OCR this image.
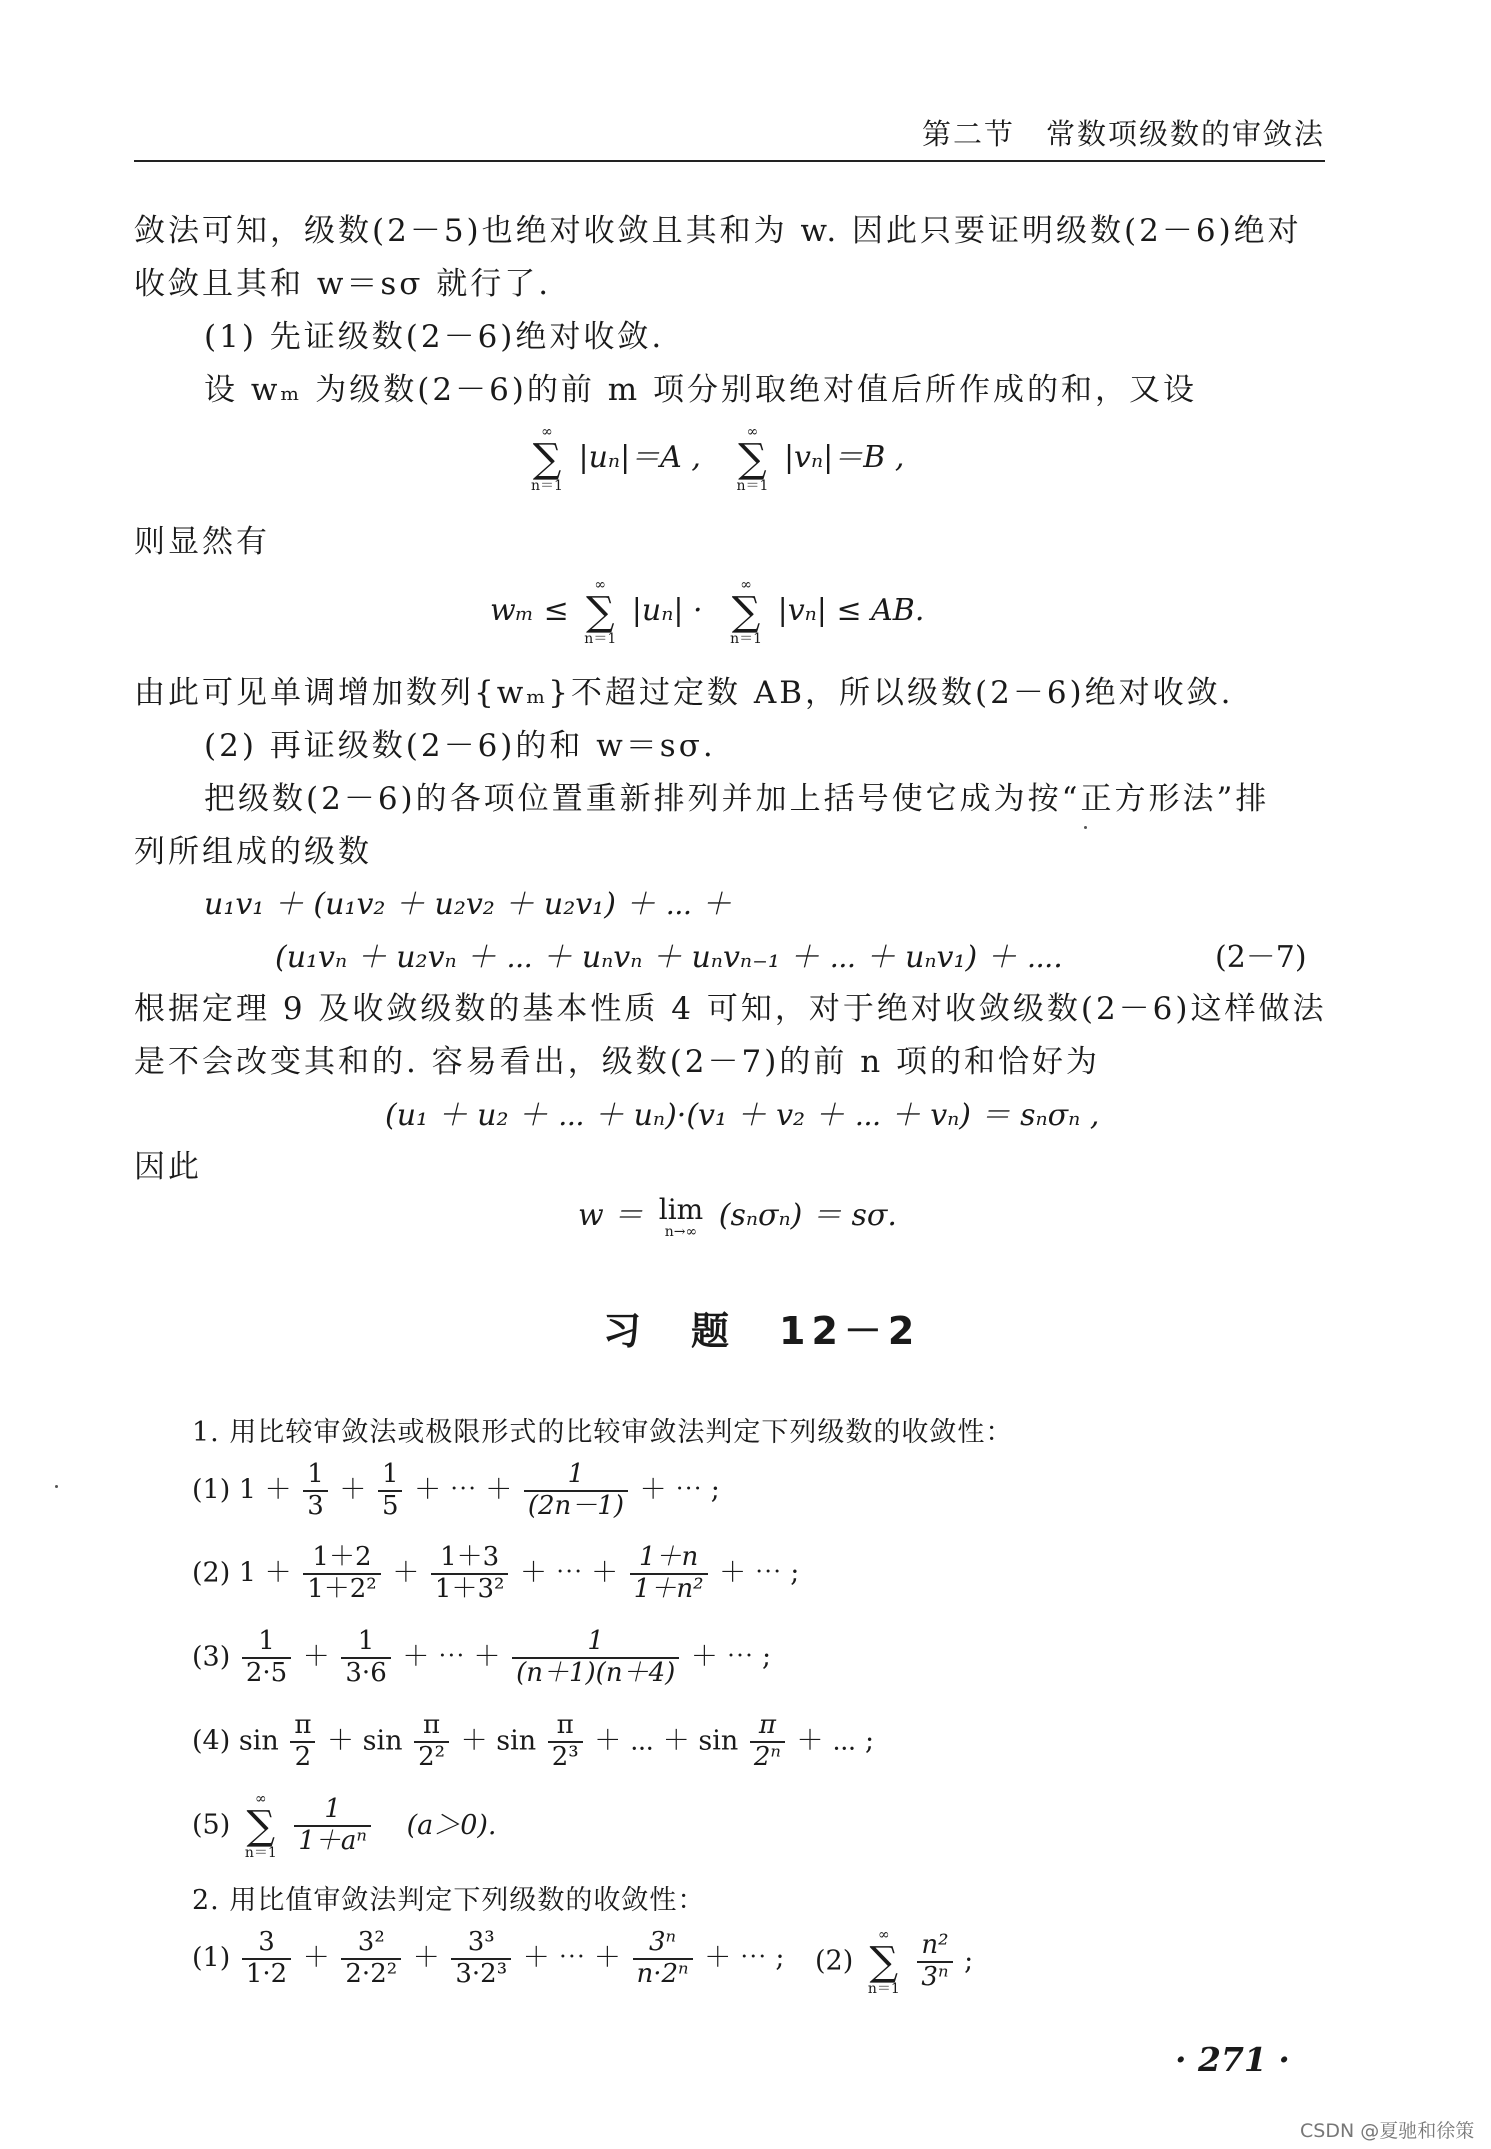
第二节　常数项级数的审敛法
敛法可知，级数(2－5)也绝对收敛且其和为 w. 因此只要证明级数(2－6)绝对
收敛且其和 w＝sσ 就行了.
(1) 先证级数(2－6)绝对收敛.
设 wₘ 为级数(2－6)的前 m 项分别取绝对值后所作成的和，又设
∞
∑
n＝1
|uₙ|＝A ,
∞
∑
n＝1
|vₙ|＝B ,
则显然有
wₘ ≤
∞
∑
n＝1
|uₙ| ·
∞
∑
n＝1
|vₙ| ≤ AB.
由此可见单调增加数列{wₘ}不超过定数 AB，所以级数(2－6)绝对收敛.
(2) 再证级数(2－6)的和 w＝sσ.
把级数(2－6)的各项位置重新排列并加上括号使它成为按“正方形法”排
列所组成的级数
u₁v₁ ＋ (u₁v₂ ＋ u₂v₂ ＋ u₂v₁) ＋ ⋯ ＋
(u₁vₙ ＋ u₂vₙ ＋ ⋯ ＋ uₙvₙ ＋ uₙvₙ₋₁ ＋ ⋯ ＋ uₙv₁) ＋ ⋯.	(2－7)
根据定理 9 及收敛级数的基本性质 4 可知，对于绝对收敛级数(2－6)这样做法
是不会改变其和的. 容易看出，级数(2－7)的前 n 项的和恰好为
(u₁ ＋ u₂ ＋ ⋯ ＋ uₙ)·(v₁ ＋ v₂ ＋ ⋯ ＋ vₙ) ＝ sₙσₙ ,
因此
w ＝ lim
n→∞ (sₙσₙ) ＝ sσ.
习　题　12－2
1. 用比较审敛法或极限形式的比较审敛法判定下列级数的收敛性：
(1) $1 + \frac{1}{3} + \frac{1}{5}$ ＋ ⋯ ＋ $\frac{1}{(2n-1)}$ ＋ ⋯ ;
(2) $1 + \frac{1+2}{\text{1＋2²}} + \frac{1+3}{\text{1＋3²}}$ ＋ ⋯ ＋ $\frac{1+n}{\text{1＋n²}}$ ＋ ⋯ ;
$(3) \frac{1}{2\cdot 5} + \frac{1}{3\cdot 6}$ ＋ ⋯ ＋ $\frac{1}{(n+1)(n+4)}$ ＋ ⋯ ;
(4) $\sin \frac{\pi}{2} + \sin \frac{\pi}{\text{2²}} + \sin \frac{\pi}{\text{2³}}$ ＋ ⋯ ＋ $\sin \frac{\pi}{\text{2ⁿ}}$ ＋ ⋯ ;
(5)
∞
∑
n＝1
$\frac{1}{\text{1＋aⁿ}} (a>0)$.
2. 用比值审敛法判定下列级数的收敛性：
$(1) \frac{3}{1\cdot 2} + \frac{\text{3²}}{\text{2·2²}} + \frac{\text{3³}}{\text{3·2³}}$ ＋ ⋯ ＋ $\frac{\text{3ⁿ}}{\text{n·2ⁿ}}$ ＋ ⋯ ; (2)
∞
∑
n＝1
$\frac{\text{n²}}{\text{3ⁿ}}$ ;
· 271 ·
CSDN @夏驰和徐策
